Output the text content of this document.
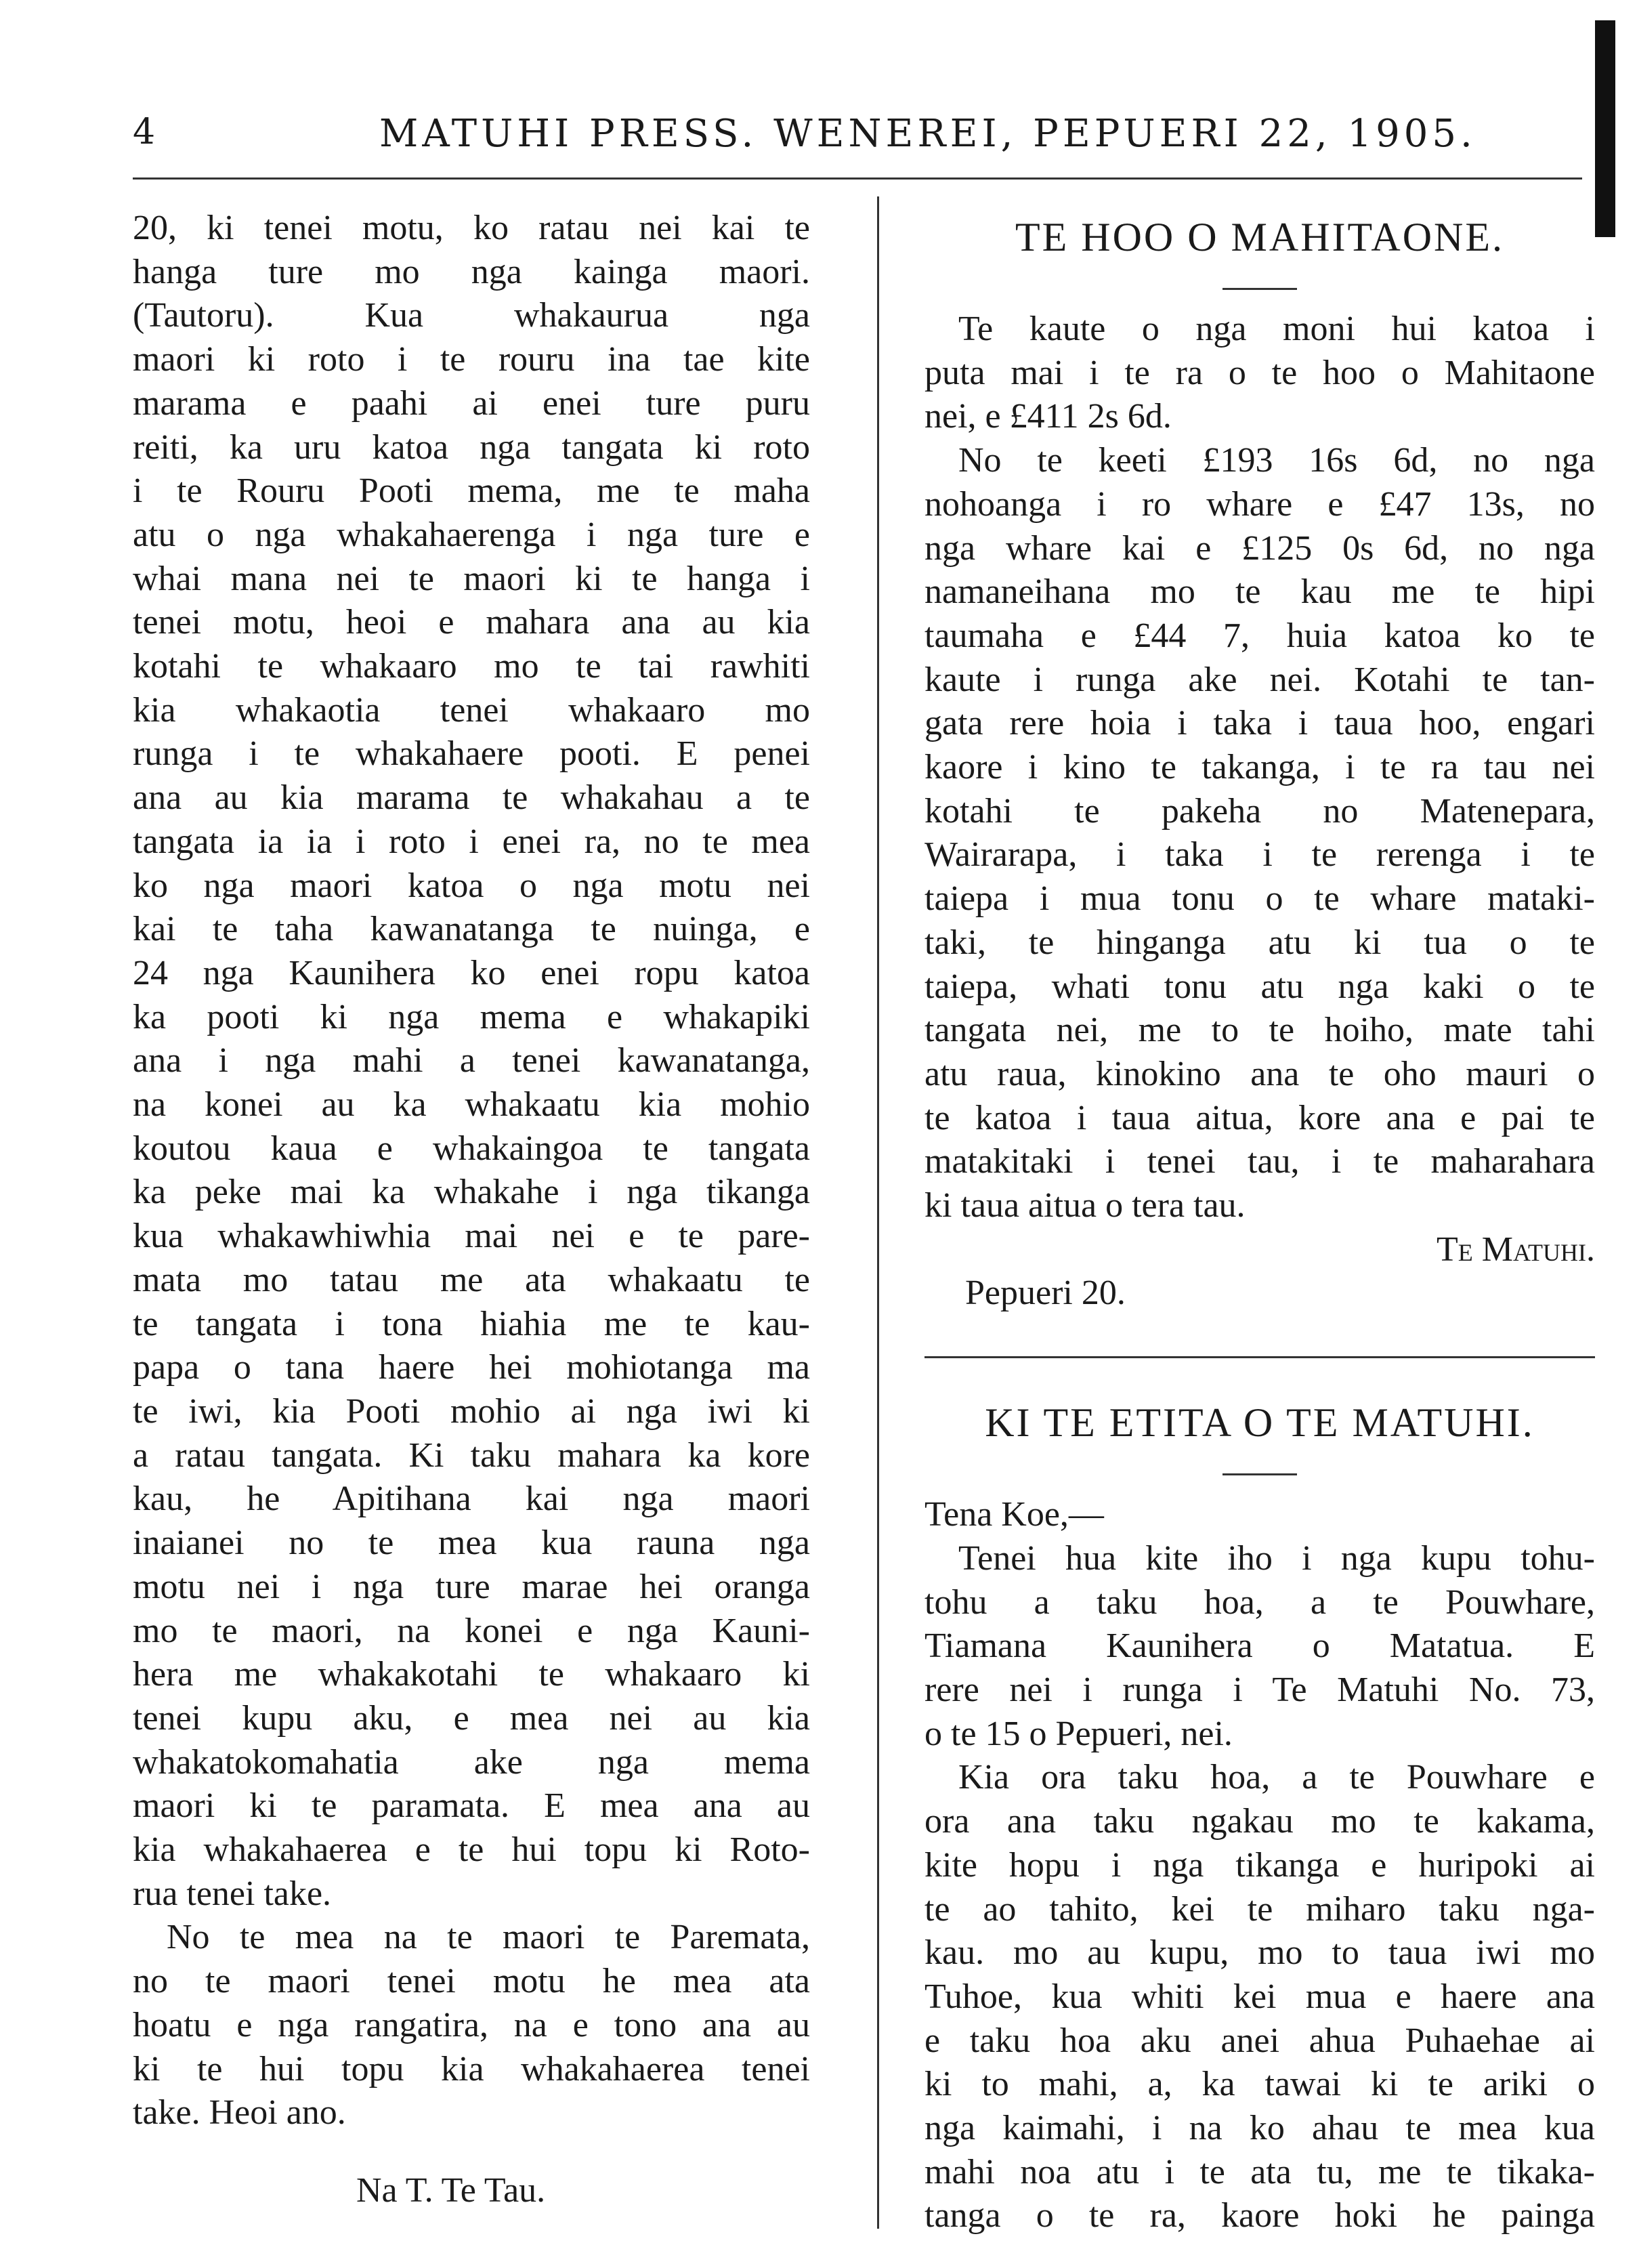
4	MATUHI PRESS. WENEREI, PEPUERI 22, 1905.
20, ki tenei motu, ko ratau nei kai te
hanga ture mo nga kainga maori.
(Tautoru). Kua whakaurua nga
maori ki roto i te rouru ina tae kite
marama e paahi ai enei ture puru
reiti, ka uru katoa nga tangata ki roto
i te Rouru Pooti mema, me te maha
atu o nga whakahaerenga i nga ture e
whai mana nei te maori ki te hanga i
tenei motu, heoi e mahara ana au kia
kotahi te whakaaro mo te tai rawhiti
kia whakaotia tenei whakaaro mo
runga i te whakahaere pooti. E penei
ana au kia marama te whakahau a te
tangata ia ia i roto i enei ra, no te mea
ko nga maori katoa o nga motu nei
kai te taha kawanatanga te nuinga, e
24 nga Kaunihera ko enei ropu katoa
ka pooti ki nga mema e whakapiki
ana i nga mahi a tenei kawanatanga,
na konei au ka whakaatu kia mohio
koutou kaua e whakaingoa te tangata
ka peke mai ka whakahe i nga tikanga
kua whakawhiwhia mai nei e te pare-
mata mo tatau me ata whakaatu te
te tangata i tona hiahia me te kau-
papa o tana haere hei mohiotanga ma
te iwi, kia Pooti mohio ai nga iwi ki
a ratau tangata. Ki taku mahara ka kore
kau, he Apitihana kai nga maori
inaianei no te mea kua rauna nga
motu nei i nga ture marae hei oranga
mo te maori, na konei e nga Kauni-
hera me whakakotahi te whakaaro ki
tenei kupu aku, e mea nei au kia
whakatokomahatia ake nga mema
maori ki te paramata. E mea ana au
kia whakahaerea e te hui topu ki Roto-
rua tenei take.
No te mea na te maori te Paremata,
no te maori tenei motu he mea ata
hoatu e nga rangatira, na e tono ana au
ki te hui topu kia whakahaerea tenei
take. Heoi ano.
Na T. Te Tau.
TE HOO O MAHITAONE.
Te kaute o nga moni hui katoa i
puta mai i te ra o te hoo o Mahitaone
nei, e £411 2s 6d.
No te keeti £193 16s 6d, no nga
nohoanga i ro whare e £47 13s, no
nga whare kai e £125 0s 6d, no nga
namaneihana mo te kau me te hipi
taumaha e £44 7, huia katoa ko te
kaute i runga ake nei. Kotahi te tan-
gata rere hoia i taka i taua hoo, engari
kaore i kino te takanga, i te ra tau nei
kotahi te pakeha no Matenepara,
Wairarapa, i taka i te rerenga i te
taiepa i mua tonu o te whare mataki-
taki, te hinganga atu ki tua o te
taiepa, whati tonu atu nga kaki o te
tangata nei, me to te hoiho, mate tahi
atu raua, kinokino ana te oho mauri o
te katoa i taua aitua, kore ana e pai te
matakitaki i tenei tau, i te maharahara
ki taua aitua o tera tau.
Te Matuhi.
Pepueri 20.
KI TE ETITA O TE MATUHI.
Tena Koe,—
Tenei hua kite iho i nga kupu tohu-
tohu a taku hoa, a te Pouwhare,
Tiamana Kaunihera o Matatua. E
rere nei i runga i Te Matuhi No. 73,
o te 15 o Pepueri, nei.
Kia ora taku hoa, a te Pouwhare e
ora ana taku ngakau mo te kakama,
kite hopu i nga tikanga e huripoki ai
te ao tahito, kei te miharo taku nga-
kau. mo au kupu, mo to taua iwi mo
Tuhoe, kua whiti kei mua e haere ana
e taku hoa aku anei ahua Puhaehae ai
ki to mahi, a, ka tawai ki te ariki o
nga kaimahi, i na ko ahau te mea kua
mahi noa atu i te ata tu, me te tikaka-
tanga o te ra, kaore hoki he painga
